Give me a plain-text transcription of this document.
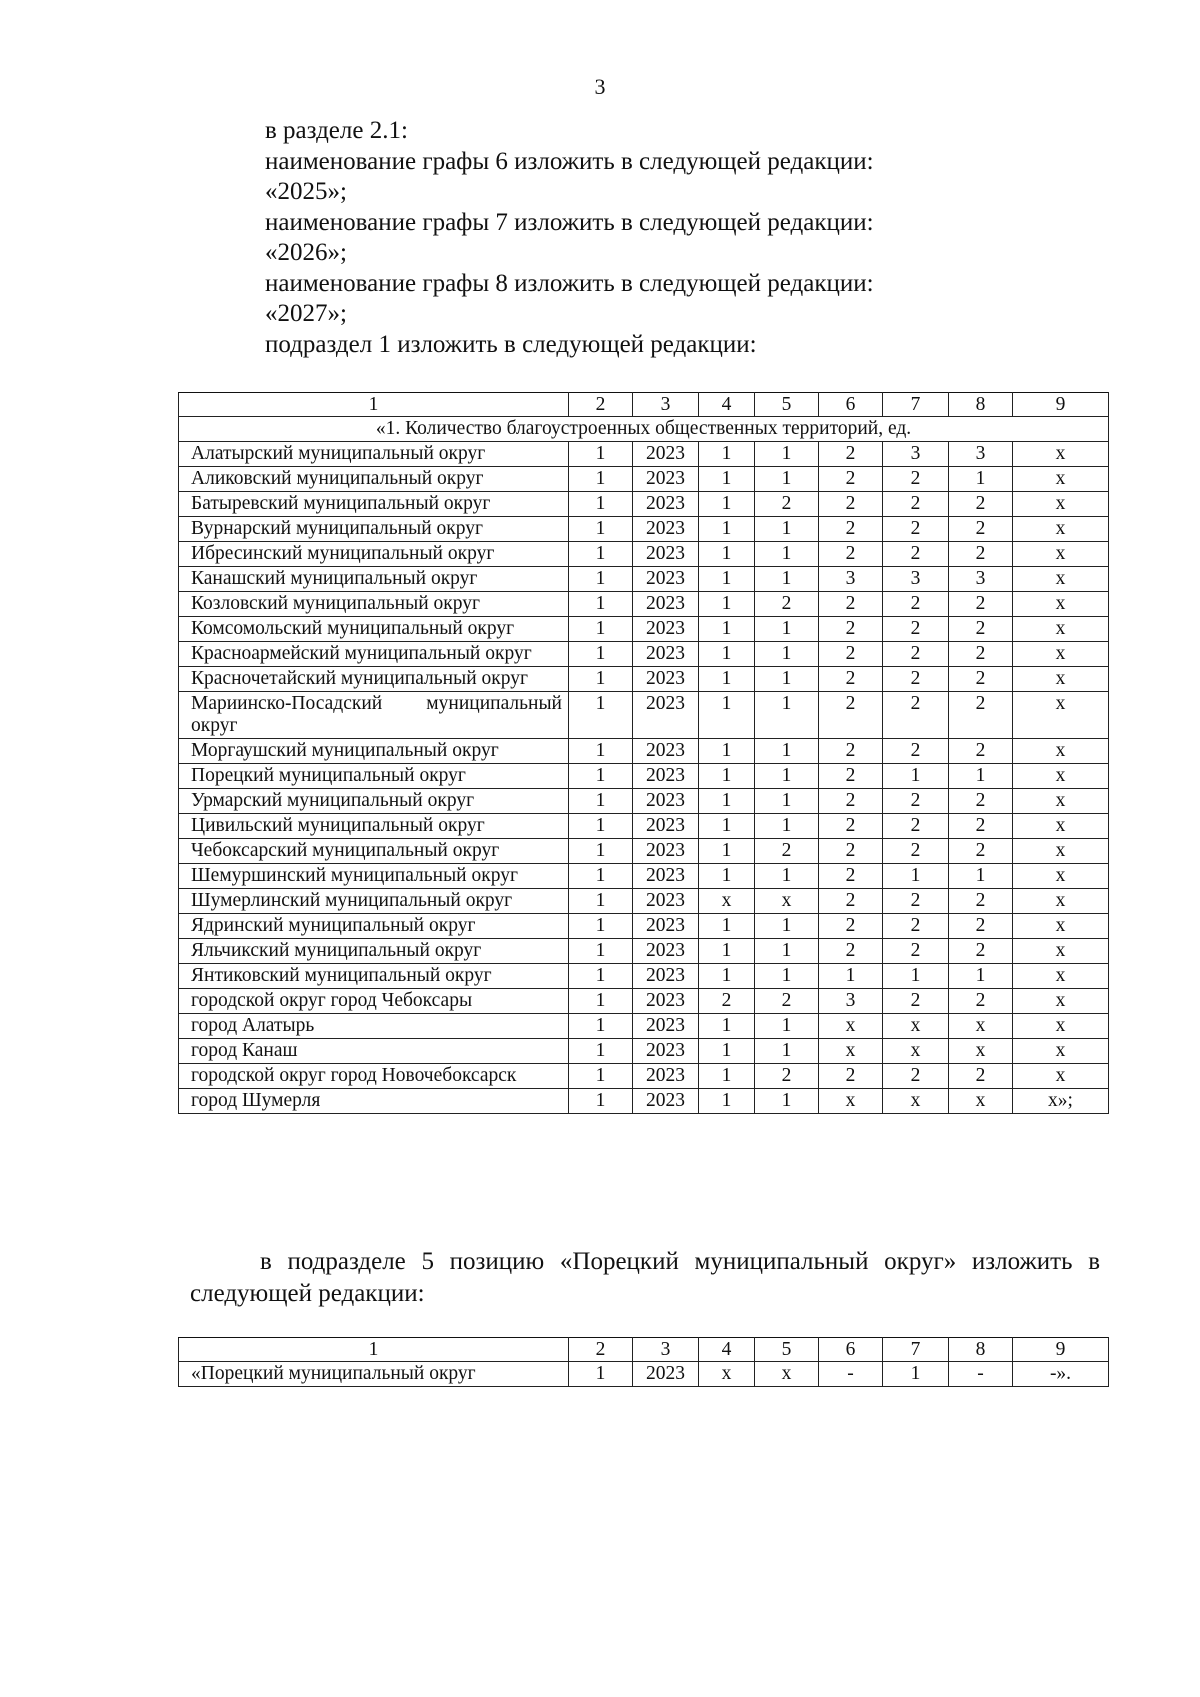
3

в разделе 2.1:

наименование графы 6 изложить в следующей редакции:

«2025»;

наименование графы 7 изложить в следующей редакции:

«2026»;

наименование графы 8 изложить в следующей редакции:

«2027»;

подраздел 1 изложить в следующей редакции:

1	2	3	4	5	6	7	8	9
«1. Количество благоустроенных общественных территорий, ед.								
Алатырский муниципальный округ	1	2023	1	1	2	3	3	х
Аликовский муниципальный округ	1	2023	1	1	2	2	1	х
Батыревский муниципальный округ	1	2023	1	2	2	2	2	х
Вурнарский муниципальный округ	1	2023	1	1	2	2	2	х
Ибресинский муниципальный округ	1	2023	1	1	2	2	2	х
Канашский муниципальный округ	1	2023	1	1	3	3	3	х
Козловский муниципальный округ	1	2023	1	2	2	2	2	х
Комсомольский муниципальный округ	1	2023	1	1	2	2	2	х
Красноармейский муниципальный округ	1	2023	1	1	2	2	2	х
Красночетайский муниципальный округ	1	2023	1	1	2	2	2	х
Мариинско-Посадский муниципальный округ	1	2023	1	1	2	2	2	х
Моргаушский муниципальный округ	1	2023	1	1	2	2	2	х
Порецкий муниципальный округ	1	2023	1	1	2	1	1	х
Урмарский муниципальный округ	1	2023	1	1	2	2	2	х
Цивильский муниципальный округ	1	2023	1	1	2	2	2	х
Чебоксарский муниципальный округ	1	2023	1	2	2	2	2	х
Шемуршинский муниципальный округ	1	2023	1	1	2	1	1	х
Шумерлинский муниципальный округ	1	2023	х	х	2	2	2	х
Ядринский муниципальный округ	1	2023	1	1	2	2	2	х
Яльчикский муниципальный округ	1	2023	1	1	2	2	2	х
Янтиковский муниципальный округ	1	2023	1	1	1	1	1	х
городской округ город Чебоксары	1	2023	2	2	3	2	2	х
город Алатырь	1	2023	1	1	х	х	х	х
город Канаш	1	2023	1	1	х	х	х	х
городской округ город Новочебоксарск	1	2023	1	2	2	2	2	х
город Шумерля	1	2023	1	1	х	х	х	х»;
в подразделе 5 позицию «Порецкий муниципальный округ» изложить в следующей редакции:
1	2	3	4	5	6	7	8	9
«Порецкий муниципальный округ	1	2023	х	х	-	1	-	-».
